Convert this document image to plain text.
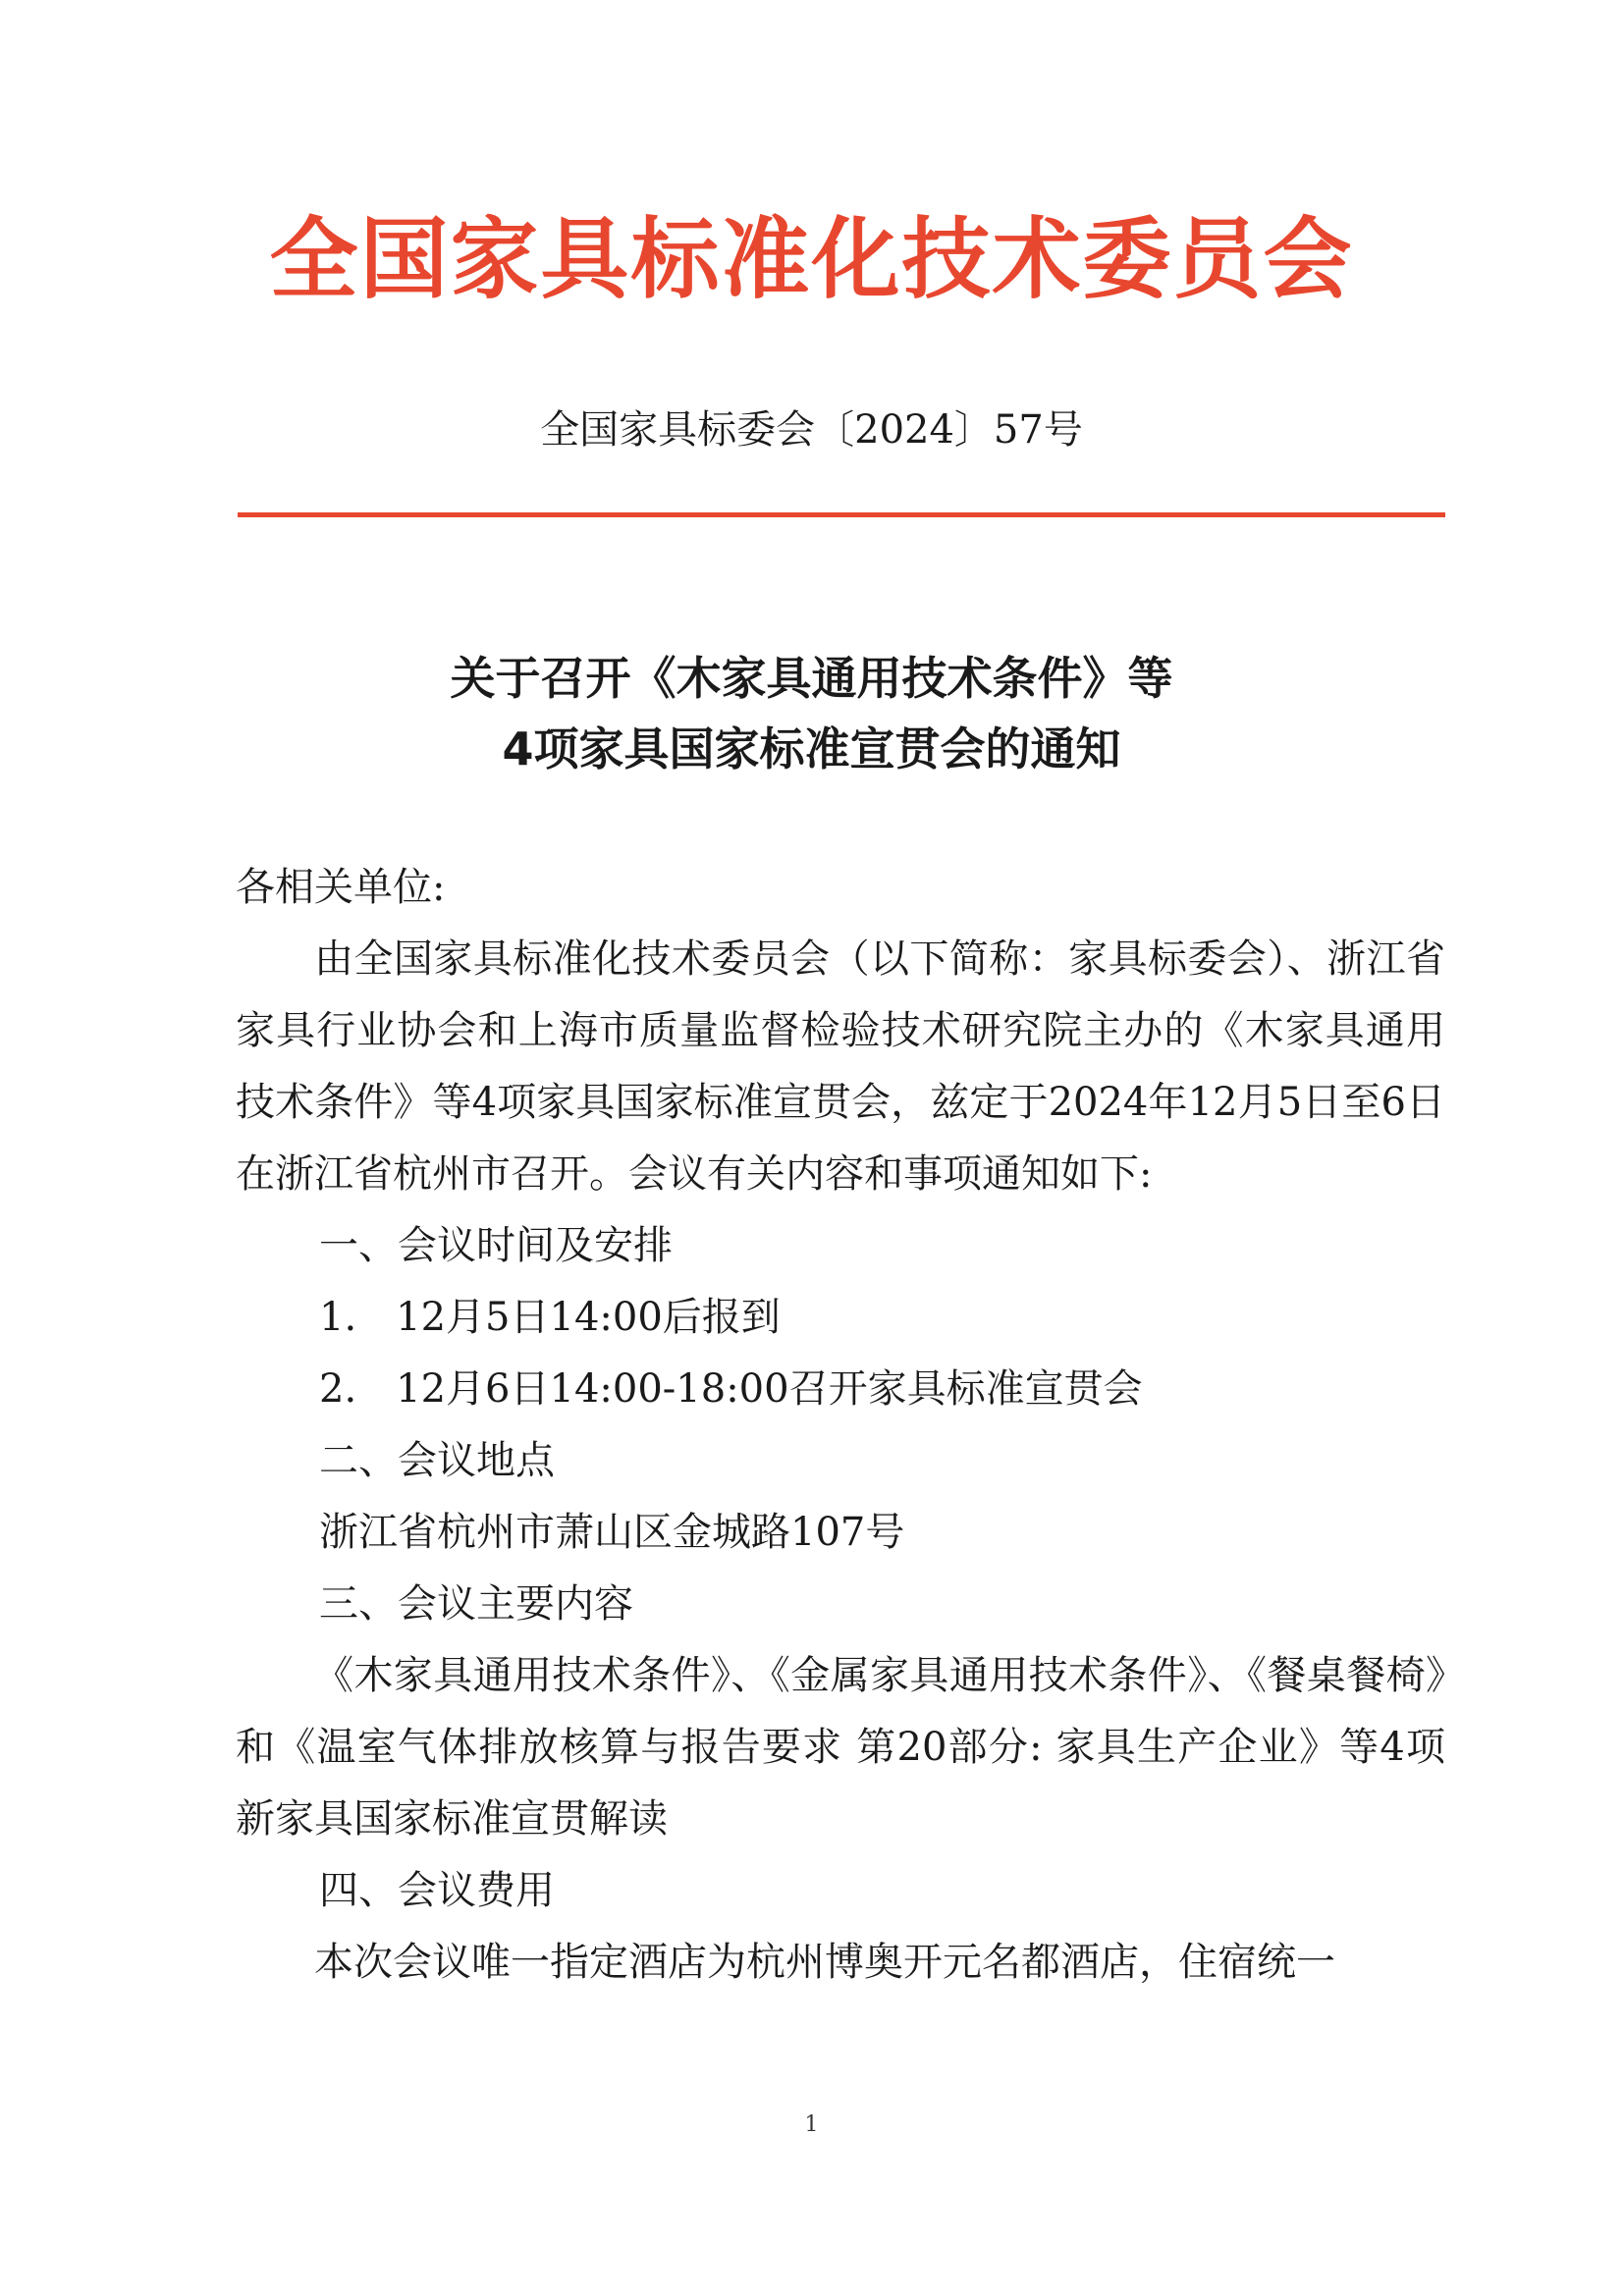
全国家具标准化技术委员会
全国家具标委会〔2024〕57号
关于召开《木家具通用技术条件》等
4项家具国家标准宣贯会的通知

各相关单位:

由全国家具标准化技术委员会（以下简称：家具标委会）、浙江省家具行业协会和上海市质量监督检验技术研究院主办的《木家具通用技术条件》等4项家具国家标准宣贯会，兹定于2024年12月5日至6日在浙江省杭州市召开。会议有关内容和事项通知如下:

一、会议时间及安排

1.　12月5日14:00后报到

2.　12月6日14:00-18:00召开家具标准宣贯会

二、会议地点

浙江省杭州市萧山区金城路107号

三、会议主要内容

《木家具通用技术条件》、《金属家具通用技术条件》、《餐桌餐椅》和《温室气体排放核算与报告要求 第20部分: 家具生产企业》等4项新家具国家标准宣贯解读

四、会议费用

本次会议唯一指定酒店为杭州博奥开元名都酒店，住宿统一

1
